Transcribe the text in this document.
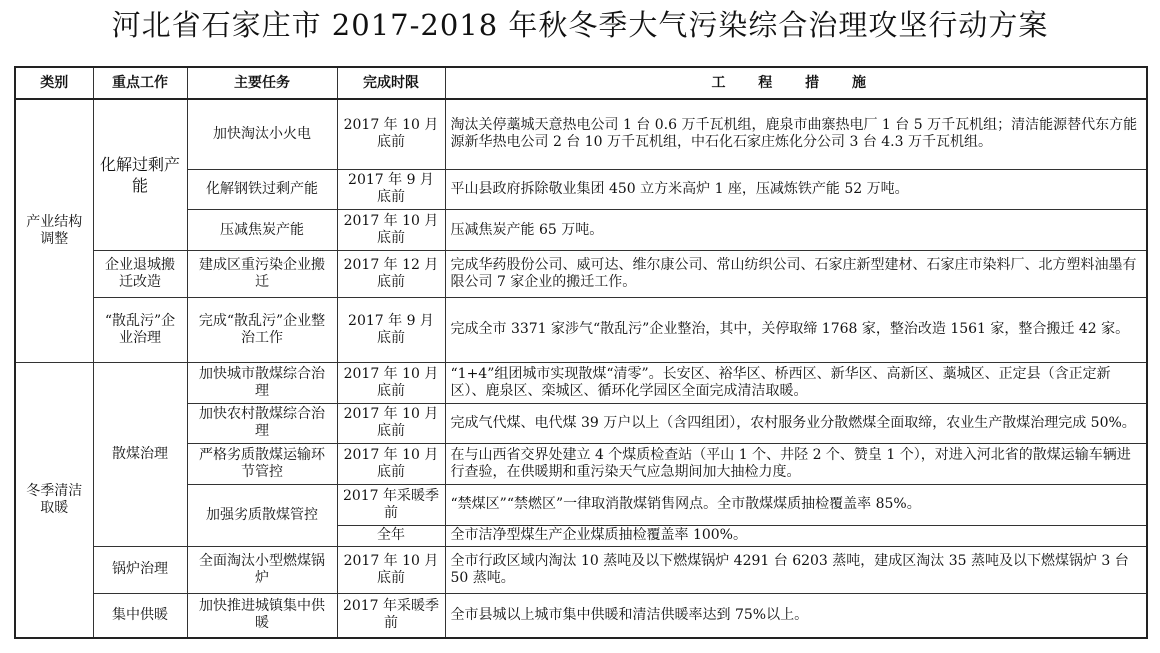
河北省石家庄市 2017-2018 年秋冬季大气污染综合治理攻坚行动方案
类别	重点工作	主要任务	完成时限	工 程 措 施
产业结构调整	化解过剩产能	加快淘汰小火电	2017 年 10 月底前	淘汰关停藁城天意热电公司 1 台 0.6 万千瓦机组，鹿泉市曲寨热电厂 1 台 5 万千瓦机组；清洁能源替代东方能源新华热电公司 2 台 10 万千瓦机组，中石化石家庄炼化分公司 3 台 4.3 万千瓦机组。
		化解钢铁过剩产能	2017 年 9 月底前	平山县政府拆除敬业集团 450 立方米高炉 1 座，压减炼铁产能 52 万吨。
		压减焦炭产能	2017 年 10 月底前	压减焦炭产能 65 万吨。
	企业退城搬迁改造	建成区重污染企业搬迁	2017 年 12 月底前	完成华药股份公司、威可达、维尔康公司、常山纺织公司、石家庄新型建材、石家庄市染料厂、北方塑料油墨有限公司 7 家企业的搬迁工作。
	“散乱污”企业治理	完成“散乱污”企业整治工作	2017 年 9 月底前	完成全市 3371 家涉气“散乱污”企业整治，其中，关停取缔 1768 家，整治改造 1561 家，整合搬迁 42 家。
冬季清洁取暖	散煤治理	加快城市散煤综合治理	2017 年 10 月底前	“1+4”组团城市实现散煤“清零”。长安区、裕华区、桥西区、新华区、高新区、藁城区、正定县（含正定新区）、鹿泉区、栾城区、循环化学园区全面完成清洁取暖。
		加快农村散煤综合治理	2017 年 10 月底前	完成气代煤、电代煤 39 万户以上（含四组团），农村服务业分散燃煤全面取缔，农业生产散煤治理完成 50%。
		严格劣质散煤运输环节管控	2017 年 10 月底前	在与山西省交界处建立 4 个煤质检查站（平山 1 个、井陉 2 个、赞皇 1 个），对进入河北省的散煤运输车辆进行查验，在供暖期和重污染天气应急期间加大抽检力度。
		加强劣质散煤管控	2017 年采暖季前	“禁煤区”“禁燃区”一律取消散煤销售网点。全市散煤煤质抽检覆盖率 85%。
			全年	全市洁净型煤生产企业煤质抽检覆盖率 100%。
	锅炉治理	全面淘汰小型燃煤锅炉	2017 年 10 月底前	全市行政区域内淘汰 10 蒸吨及以下燃煤锅炉 4291 台 6203 蒸吨，建成区淘汰 35 蒸吨及以下燃煤锅炉 3 台 50 蒸吨。
	集中供暖	加快推进城镇集中供暖	2017 年采暖季前	全市县城以上城市集中供暖和清洁供暖率达到 75%以上。
